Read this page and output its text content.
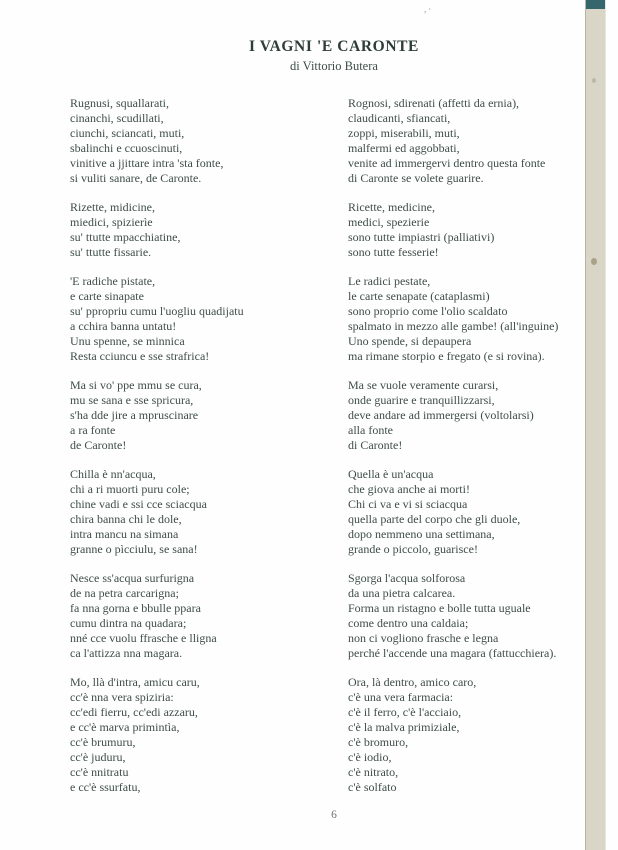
,·
I VAGNI 'E CARONTE
di Vittorio Butera
Rugnusi, squallarati,
cinanchi, scudillati,
ciunchi, sciancati, muti,
sbalinchi e ccuoscinuti,
vinitive a jjittare intra 'sta fonte,
si vuliti sanare, de Caronte.
Rizette, midicine,
miedici, spizierìe
su' ttutte mpacchiatine,
su' ttutte fissarie.
'E radiche pistate,
e carte sinapate
su' ppropriu cumu l'uogliu quadijatu
a cchira banna untatu!
Unu spenne, se minnica
Resta cciuncu e sse strafrica!
Ma si vo' ppe mmu se cura,
mu se sana e sse spricura,
s'ha dde jire a mpruscinare
a ra fonte
de Caronte!
Chilla è nn'acqua,
chi a ri muorti puru cole;
chine vadi e ssi cce sciacqua
chira banna chi le dole,
intra mancu na simana
granne o pìcciulu, se sana!
Nesce ss'acqua surfurigna
de na petra carcarigna;
fa nna gorna e bbulle ppara
cumu dintra na quadara;
nné cce vuolu ffrasche e lligna
ca l'attizza nna magara.
Mo, llà d'intra, amicu caru,
cc'è nna vera spiziria:
cc'edi fierru, cc'edi azzaru,
e cc'è marva primintìa,
cc'è brumuru,
cc'è juduru,
cc'è nnitratu
e cc'è ssurfatu,
Rognosi, sdirenati (affetti da ernia),
claudicanti, sfiancati,
zoppi, miserabili, muti,
malfermi ed aggobbati,
venite ad immergervi dentro questa fonte
di Caronte se volete guarire.
Ricette, medicine,
medici, spezierie
sono tutte impiastri (palliativi)
sono tutte fesserie!
Le radici pestate,
le carte senapate (cataplasmi)
sono proprio come l'olio scaldato
spalmato in mezzo alle gambe! (all'inguine)
Uno spende, si depaupera
ma rimane storpio e fregato (e si rovina).
Ma se vuole veramente curarsi,
onde guarire e tranquillizzarsi,
deve andare ad immergersi (voltolarsi)
alla fonte
di Caronte!
Quella è un'acqua
che giova anche ai morti!
Chi ci va e vi si sciacqua
quella parte del corpo che gli duole,
dopo nemmeno una settimana,
grande o piccolo, guarisce!
Sgorga l'acqua solforosa
da una pietra calcarea.
Forma un ristagno e bolle tutta uguale
come dentro una caldaia;
non ci vogliono frasche e legna
perché l'accende una magara (fattucchiera).
Ora, là dentro, amico caro,
c'è una vera farmacia:
c'è il ferro, c'è l'acciaio,
c'è la malva primiziale,
c'è bromuro,
c'è iodio,
c'è nitrato,
c'è solfato
6
